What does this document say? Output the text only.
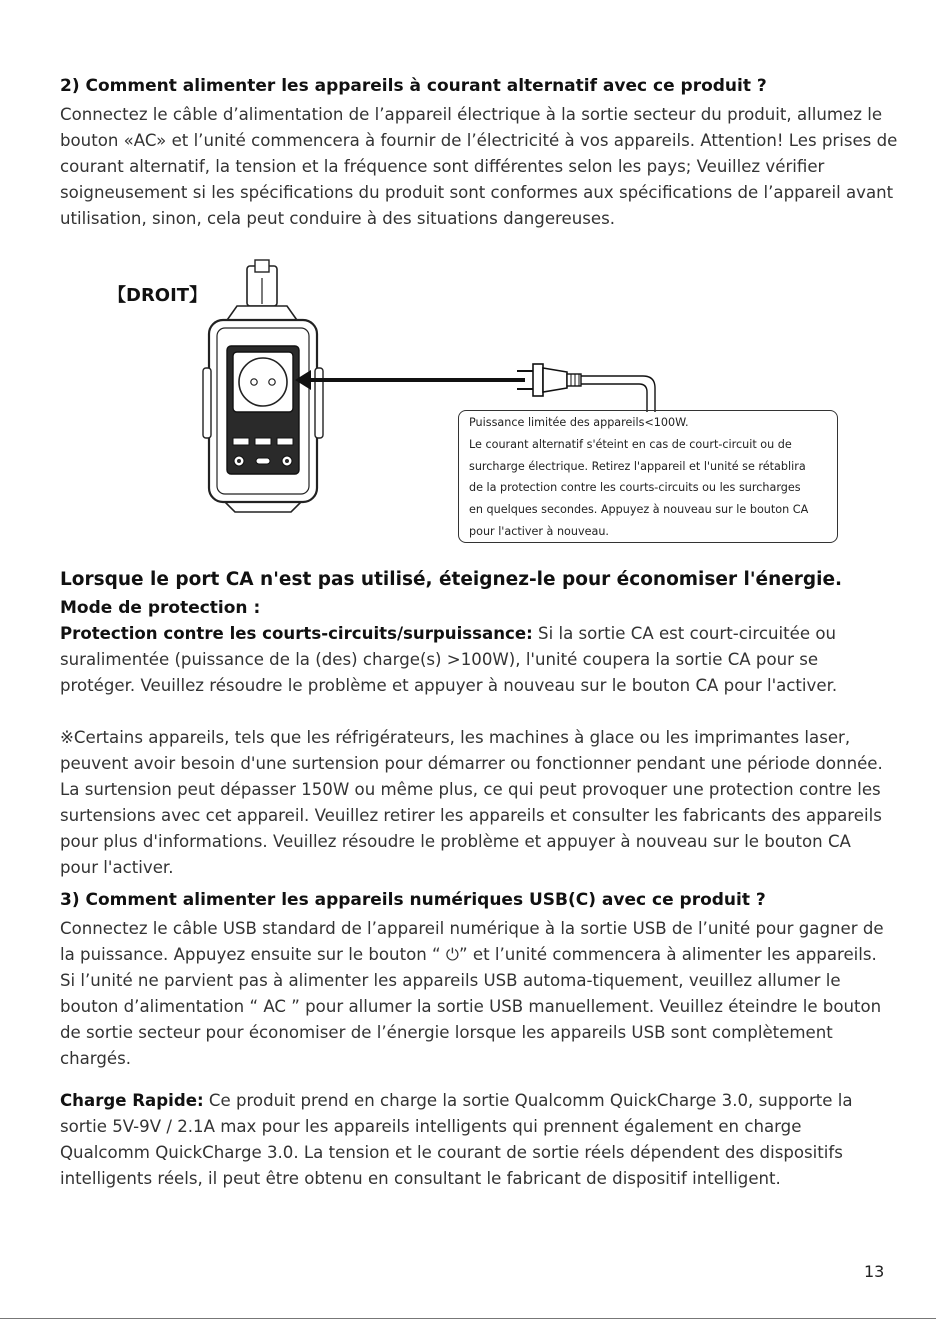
2) Comment alimenter les appareils à courant alternatif avec ce produit ?
Connectez le câble d’alimentation de l’appareil électrique à la sortie secteur du produit, allumez le bouton «AC» et l’unité commencera à fournir de l’électricité à vos appareils. Attention! Les prises de courant alternatif, la tension et la fréquence sont différentes selon les pays; Veuillez vérifier soigneusement si les spécifications du produit sont conformes aux spécifications de l’appareil avant utilisation, sinon, cela peut conduire à des situations dangereuses.
【DROIT】
Puissance limitée des appareils<100W.
Le courant alternatif s'éteint en cas de court-circuit ou de
surcharge électrique. Retirez l'appareil et l'unité se rétablira
de la protection contre les courts-circuits ou les surcharges
en quelques secondes. Appuyez à nouveau sur le bouton CA
pour l'activer à nouveau.
Lorsque le port CA n'est pas utilisé, éteignez-le pour économiser l'énergie.
Mode de protection :
Protection contre les courts-circuits/surpuissance: Si la sortie CA est court-circuitée ou suralimentée (puissance de la (des) charge(s) >100W), l'unité coupera la sortie CA pour se protéger. Veuillez résoudre le problème et appuyer à nouveau sur le bouton CA pour l'activer.
※Certains appareils, tels que les réfrigérateurs, les machines à glace ou les imprimantes laser, peuvent avoir besoin d'une surtension pour démarrer ou fonctionner pendant une période donnée. La surtension peut dépasser 150W ou même plus, ce qui peut provoquer une protection contre les surtensions avec cet appareil. Veuillez retirer les appareils et consulter les fabricants des appareils pour plus d'informations. Veuillez résoudre le problème et appuyer à nouveau sur le bouton CA pour l'activer.
3) Comment alimenter les appareils numériques USB(C) avec ce produit ?
Connectez le câble USB standard de l’appareil numérique à la sortie USB de l’unité pour gagner de la puissance. Appuyez ensuite sur le bouton “ ⏻” et l’unité commencera à alimenter les appareils. Si l’unité ne parvient pas à alimenter les appareils USB automa-tiquement, veuillez allumer le bouton d’alimentation “ AC ” pour allumer la sortie USB manuellement. Veuillez éteindre le bouton de sortie secteur pour économiser de l’énergie lorsque les appareils USB sont complètement chargés.
Charge Rapide: Ce produit prend en charge la sortie Qualcomm QuickCharge 3.0, supporte la sortie 5V-9V / 2.1A max pour les appareils intelligents qui prennent également en charge Qualcomm QuickCharge 3.0. La tension et le courant de sortie réels dépendent des dispositifs intelligents réels, il peut être obtenu en consultant le fabricant de dispositif intelligent.
13
